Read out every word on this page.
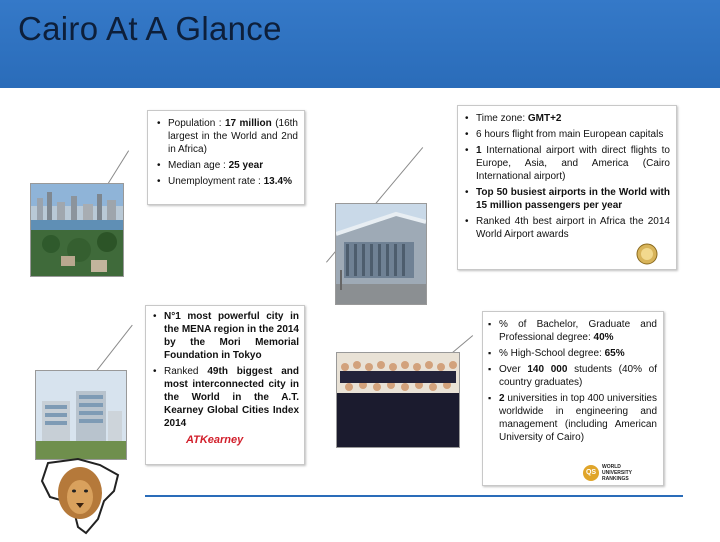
Cairo At A Glance
• Population : 17 million (16th largest in the World and 2nd in Africa)
• Median age : 25 year
• Unemployment rate : 13.4%
• Time zone: GMT+2
• 6 hours flight from main European capitals
• 1 International airport with direct flights to Europe, Asia, and America (Cairo International airport)
• Top 50 busiest airports in the World with 15 million passengers per year
• Ranked 4th best airport in Africa the 2014 World Airport awards
• N°1 most powerful city in the MENA region in the 2014 by the Mori Memorial Foundation in Tokyo
• Ranked 49th biggest and most interconnected city in the World in the A.T. Kearney Global Cities Index 2014
ATKearney
▪ % of Bachelor, Graduate and Professional degree: 40%
▪ % High-School degree: 65%
▪ Over 140 000 students (40% of country graduates)
▪ 2 universities in top 400 universities worldwide in engineering and management (including American University of Cairo)
QS
WORLD
UNIVERSITY
RANKINGS
